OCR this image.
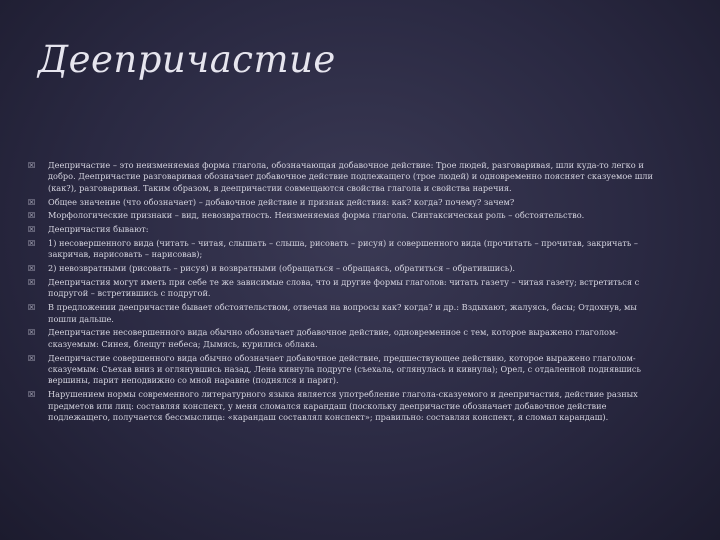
Деепричастие
☒ Деепричастие – это неизменяемая форма глагола, обозначающая добавочное действие: Трое людей, разговаривая, шли куда-то легко и добро. Деепричастие разговаривая обозначает добавочное действие подлежащего (трое людей) и одновременно поясняет сказуемое шли (как?), разговаривая. Таким образом, в деепричастии совмещаются свойства глагола и свойства наречия.
☒ Общее значение (что обозначает) – добавочное действие и признак действия: как? когда? почему? зачем?
☒ Морфологические признаки – вид, невозвратность. Неизменяемая форма глагола. Синтаксическая роль – обстоятельство.
☒ Деепричастия бывают:
☒ 1) несовершенного вида (читать – читая, слышать – слыша, рисовать – рисуя) и совершенного вида (прочитать – прочитав, закричать – закричав, нарисовать – нарисовав);
☒ 2) невозвратными (рисовать – рисуя) и возвратными (обращаться – обращаясь, обратиться – обратившись).
☒ Деепричастия могут иметь при себе те же зависимые слова, что и другие формы глаголов: читать газету – читая газету; встретиться с подругой – встретившись с подругой.
☒ В предложении деепричастие бывает обстоятельством, отвечая на вопросы как? когда? и др.: Вздыхают, жалуясь, басы; Отдохнув, мы пошли дальше.
☒ Деепричастие несовершенного вида обычно обозначает добавочное действие, одновременное с тем, которое выражено глаголом-сказуемым: Синея, блещут небеса; Дымясь, курились облака.
☒ Деепричастие совершенного вида обычно обозначает добавочное действие, предшествующее действию, которое выражено глаголом-сказуемым: Съехав вниз и оглянувшись назад, Лена кивнула подруге (съехала, оглянулась и кивнула); Орел, с отдаленной поднявшись вершины, парит неподвижно со мной наравне (поднялся и парит).
☒ Нарушением нормы современного литературного языка является употребление глагола-сказуемого и деепричастия, действие разных предметов или лиц: составляя конспект, у меня сломался карандаш (поскольку деепричастие обозначает добавочное действие подлежащего, получается бессмыслица: «карандаш составлял конспект»; правильно: составляя конспект, я сломал карандаш).
